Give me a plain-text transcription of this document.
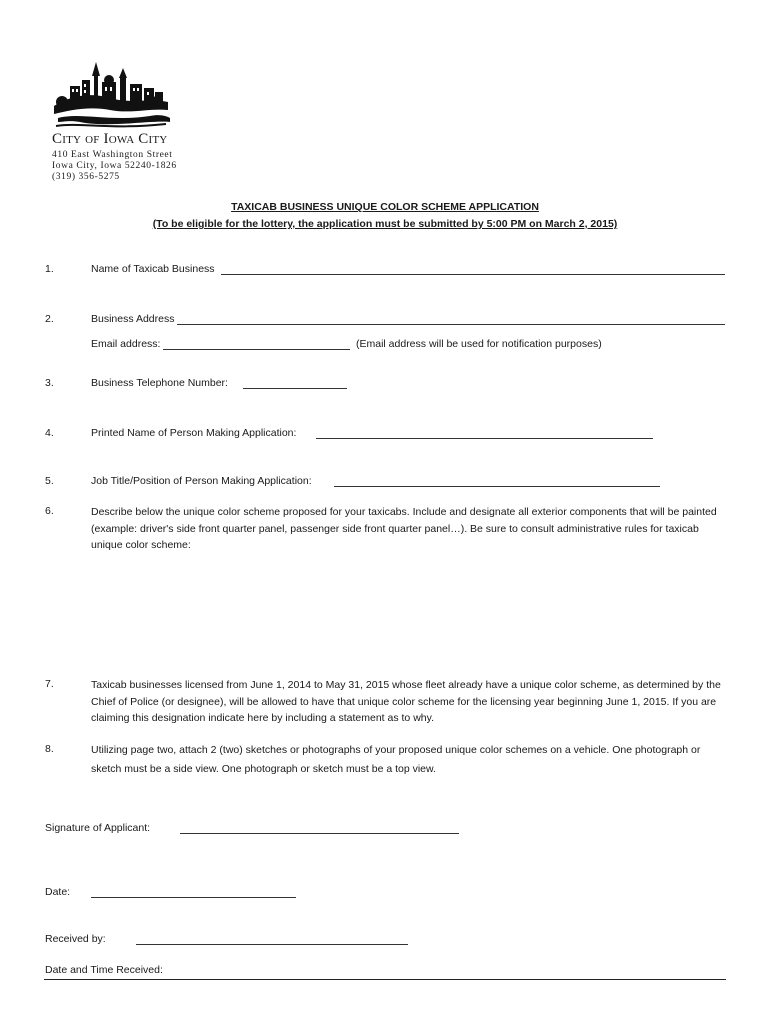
City of Iowa City
410 East Washington Street
Iowa City, Iowa 52240-1826
(319) 356-5275
TAXICAB BUSINESS UNIQUE COLOR SCHEME APPLICATION
(To be eligible for the lottery, the application must be submitted by 5:00 PM on March 2, 2015)
1.	Name of Taxicab Business
2.	Business Address
Email address:	(Email address will be used for notification purposes)
3.	Business Telephone Number:
4.	Printed Name of Person Making Application:
5.	Job Title/Position of Person Making Application:
6.	Describe below the unique color scheme proposed for your taxicabs. Include and designate all exterior components that will be painted (example: driver's side front quarter panel, passenger side front quarter panel…). Be sure to consult administrative rules for taxicab unique color scheme:
7.	Taxicab businesses licensed from June 1, 2014 to May 31, 2015 whose fleet already have a unique color scheme, as determined by the Chief of Police (or designee), will be allowed to have that unique color scheme for the licensing year beginning June 1, 2015. If you are claiming this designation indicate here by including a statement as to why.
8.	Utilizing page two, attach 2 (two) sketches or photographs of your proposed unique color schemes on a vehicle. One photograph or sketch must be a side view. One photograph or sketch must be a top view.
Signature of Applicant:
Date:
Received by:
Date and Time Received:
